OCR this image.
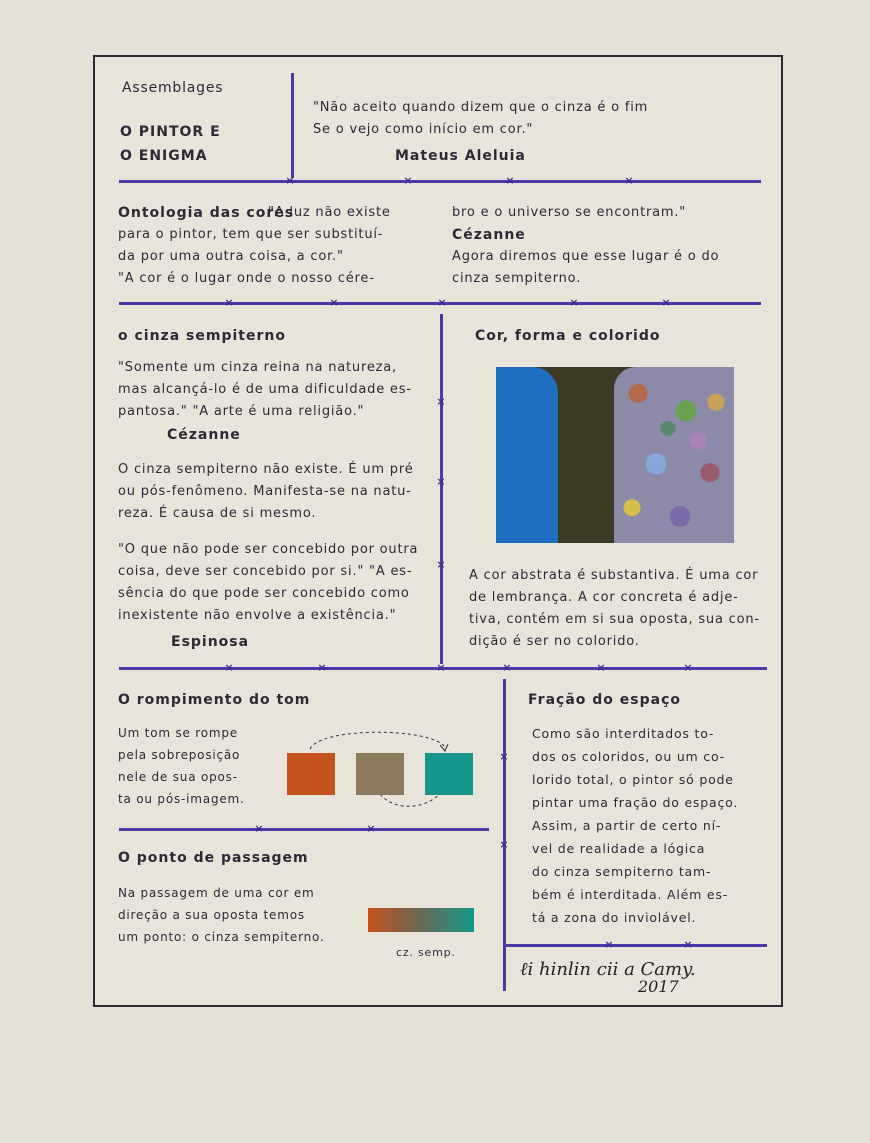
Assemblages
O PINTOR E
O ENIGMA
"Não aceito quando dizem que o cinza é o fim
Se o vejo como início em cor."
Mateus Aleluia
×	×	×	×
Ontologia das cores
"A luz não existe
para o pintor, tem que ser substituí-
da por uma outra coisa, a cor."
"A cor é o lugar onde o nosso cére-
bro e o universo se encontram."
Cézanne
Agora diremos que esse lugar é o do
cinza sempiterno.
×	×	×	×	×
×
×
×
o cinza sempiterno
"Somente um cinza reina na natureza,
mas alcançá-lo é de uma dificuldade es-
pantosa." "A arte é uma religião."
Cézanne
O cinza sempiterno não existe. É um pré
ou pós-fenômeno. Manifesta-se na natu-
reza. É causa de si mesmo.
"O que não pode ser concebido por outra
coisa, deve ser concebido por si." "A es-
sência do que pode ser concebido como
inexistente não envolve a existência."
Espinosa
Cor, forma e colorido
A cor abstrata é substantiva. É uma cor
de lembrança. A cor concreta é adje-
tiva, contém em si sua oposta, sua con-
dição é ser no colorido.
×	×	×	×	×	×
×
×
O rompimento do tom
Um tom se rompe
pela sobreposição
nele de sua opos-
ta ou pós-imagem.
×	×
O ponto de passagem
Na passagem de uma cor em
direção a sua oposta temos
um ponto: o cinza sempiterno.
cz. semp.
Fração do espaço
Como são interditados to-
dos os coloridos, ou um co-
lorido total, o pintor só pode
pintar uma fração do espaço.
Assim, a partir de certo ní-
vel de realidade a lógica
do cinza sempiterno tam-
bém é interditada. Além es-
tá a zona do inviolável.
×	×
ℓi hinlin cii a Camy.
2017
